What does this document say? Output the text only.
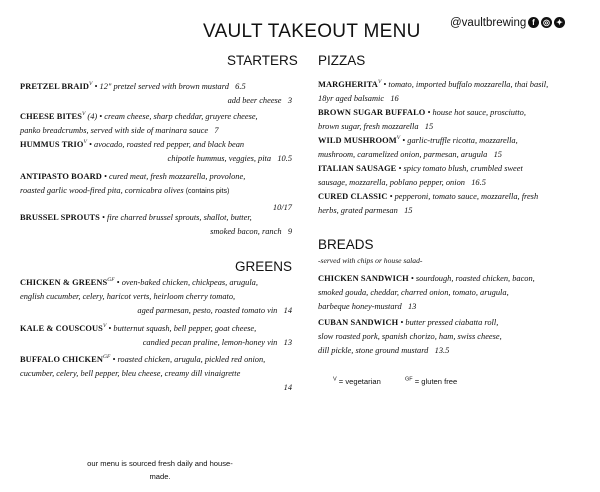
VAULT TAKEOUT MENU	@vaultbrewing f	◎ ✦
STARTERS
PRETZEL $BRAID^V$ • 12" pretzel served with brown mustard 6.5
add beer cheese 3
CHEESE $BITES^V$ (4) • cream cheese, sharp cheddar, gruyere cheese,
panko breadcrumbs, served with side of marinara sauce 7
HUMMUS $TRIO^V$ • avocado, roasted red pepper, and black bean
chipotle hummus, veggies, pita 10.5
ANTIPASTO BOARD • cured meat, fresh mozzarella, provolone,
roasted garlic wood-fired pita, cornicabra olives (contains pits)
10/17
BRUSSEL SPROUTS • fire charred brussel sprouts, shallot, butter,
smoked bacon, ranch 9
GREENS
CHICKEN & $GREENS^{GF}$ • oven-baked chicken, chickpeas, arugula,
english cucumber, celery, haricot verts, heirloom cherry tomato,
aged parmesan, pesto, roasted tomato vin 14
KALE & $COUSCOUS^V$ • butternut squash, bell pepper, goat cheese,
candied pecan praline, lemon-honey vin 13
BUFFALO $CHICKEN^{GF}$ • roasted chicken, arugula, pickled red onion,
cucumber, celery, bell pepper, bleu cheese, creamy dill vinaigrette
14
PIZZAS
$MARGHERITA^V$ • tomato, imported buffalo mozzarella, thai basil,
18yr aged balsamic 16
BROWN SUGAR BUFFALO • house hot sauce, prosciutto,
brown sugar, fresh mozzarella 15
WILD $MUSHROOM^V$ • garlic-truffle ricotta, mozzarella,
mushroom, caramelized onion, parmesan, arugula 15
ITALIAN SAUSAGE • spicy tomato blush, crumbled sweet
sausage, mozzarella, poblano pepper, onion 16.5
CURED CLASSIC • pepperoni, tomato sauce, mozzarella, fresh
herbs, grated parmesan 15
BREADS
-served with chips or house salad-
CHICKEN SANDWICH • sourdough, roasted chicken, bacon,
smoked gouda, cheddar, charred onion, tomato, arugula,
barbeque honey-mustard 13
CUBAN SANDWICH • butter pressed ciabatta roll,
slow roasted pork, spanish chorizo, ham, swiss cheese,
dill pickle, stone ground mustard 13.5
$^V$ = vegetarian	$^{GF}$ = gluten free
our menu is sourced fresh daily and house-
made.
